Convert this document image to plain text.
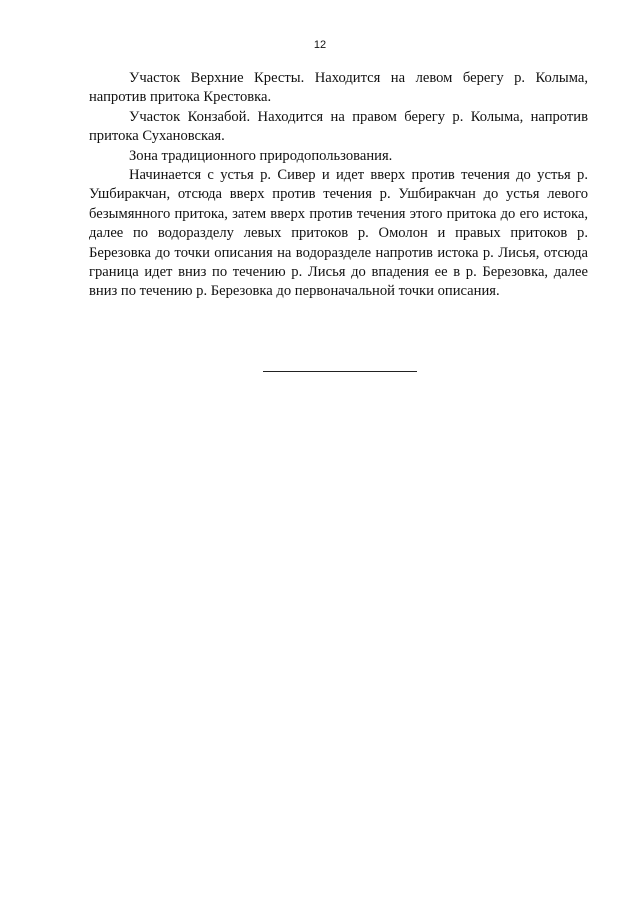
12

Участок Верхние Кресты. Находится на левом берегу р. Колыма, напротив притока Крестовка.

Участок Конзабой. Находится на правом берегу р. Колыма, напротив притока Сухановская.

Зона традиционного природопользования.

Начинается с устья р. Сивер и идет вверх против течения до устья р. Ушбиракчан, отсюда вверх против течения р. Ушбиракчан до устья левого безымянного притока, затем вверх против течения этого притока до его истока, далее по водоразделу левых притоков р. Омолон и правых притоков р. Березовка до точки описания на водоразделе напротив истока р. Лисья, отсюда граница идет вниз по течению р. Лисья до впадения ее в р. Березовка, далее вниз по течению р. Березовка до первоначальной точки описания.
